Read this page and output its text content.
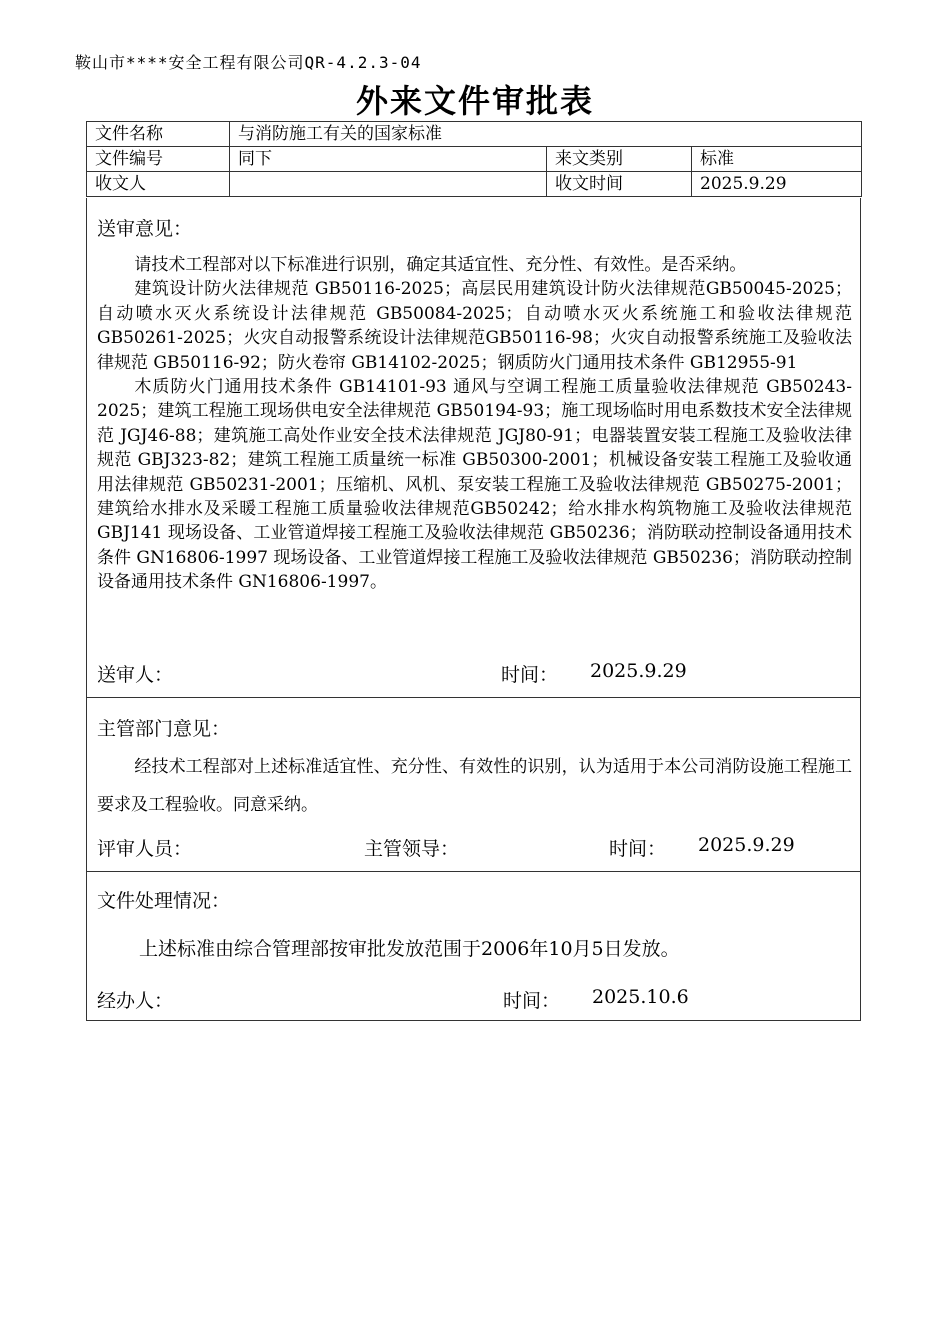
鞍山市****安全工程有限公司QR-4.2.3-04
外来文件审批表
文件名称	与消防施工有关的国家标准		
文件编号	同下	来文类别	标准
收文人		收文时间	2025.9.29
送审意见：

请技术工程部对以下标准进行识别，确定其适宜性、充分性、有效性。是否采纳。

建筑设计防火法律规范 GB50116-2025；高层民用建筑设计防火法律规范GB50045-2025；自动喷水灭火系统设计法律规范 GB50084-2025；自动喷水灭火系统施工和验收法律规范 GB50261-2025；火灾自动报警系统设计法律规范GB50116-98；火灾自动报警系统施工及验收法律规范 GB50116-92；防火卷帘 GB14102-2025；钢质防火门通用技术条件 GB12955-91

木质防火门通用技术条件 GB14101-93 通风与空调工程施工质量验收法律规范 GB50243-2025；建筑工程施工现场供电安全法律规范 GB50194-93；施工现场临时用电系数技术安全法律规范 JGJ46-88；建筑施工高处作业安全技术法律规范 JGJ80-91；电器装置安装工程施工及验收法律规范 GBJ323-82；建筑工程施工质量统一标准 GB50300-2001；机械设备安装工程施工及验收通用法律规范 GB50231-2001；压缩机、风机、泵安装工程施工及验收法律规范 GB50275-2001；建筑给水排水及采暖工程施工质量验收法律规范GB50242；给水排水构筑物施工及验收法律规范 GBJ141 现场设备、工业管道焊接工程施工及验收法律规范 GB50236；消防联动控制设备通用技术条件 GN16806-1997 现场设备、工业管道焊接工程施工及验收法律规范 GB50236；消防联动控制设备通用技术条件 GN16806-1997。

送审人：	时间： 2025.9.29
主管部门意见：

经技术工程部对上述标准适宜性、充分性、有效性的识别，认为适用于本公司消防设施工程施工要求及工程验收。同意采纳。

评审人员：	主管领导：	时间： 2025.9.29
文件处理情况：
上述标准由综合管理部按审批发放范围于2006年10月5日发放。
经办人：	时间： 2025.10.6
